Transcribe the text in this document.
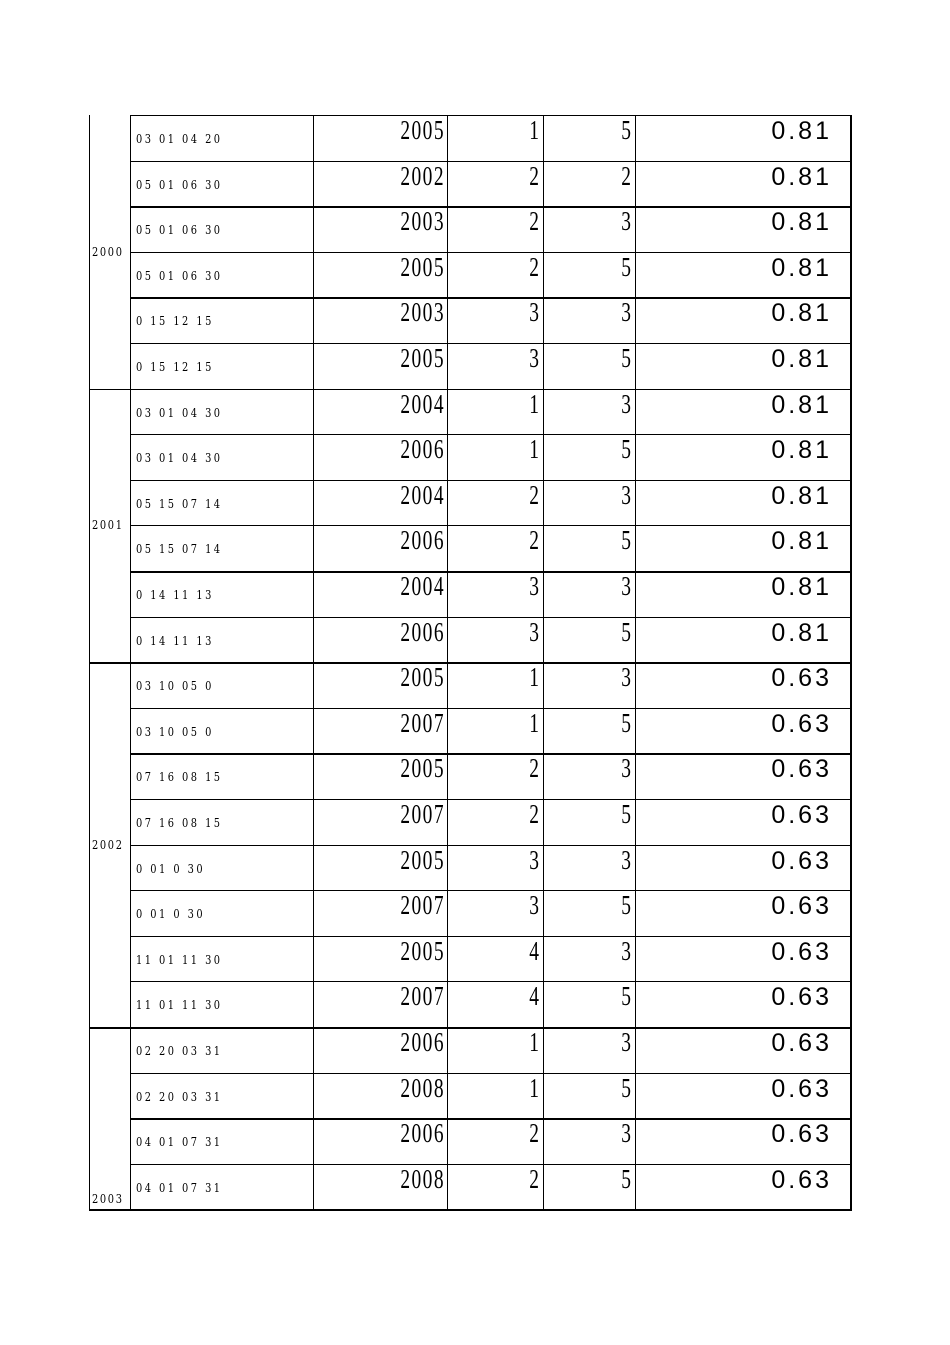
2000
03 01 04 20	2005	1	5	0.81
05 01 06 30	2002	2	2	0.81
05 01 06 30	2003	2	3	0.81
05 01 06 30	2005	2	5	0.81
0 15 12 15	2003	3	3	0.81
0 15 12 15	2005	3	5	0.81
2001
03 01 04 30	2004	1	3	0.81
03 01 04 30	2006	1	5	0.81
05 15 07 14	2004	2	3	0.81
05 15 07 14	2006	2	5	0.81
0 14 11 13	2004	3	3	0.81
0 14 11 13	2006	3	5	0.81
2002
03 10 05 0	2005	1	3	0.63
03 10 05 0	2007	1	5	0.63
07 16 08 15	2005	2	3	0.63
07 16 08 15	2007	2	5	0.63
0 01 0 30	2005	3	3	0.63
0 01 0 30	2007	3	5	0.63
11 01 11 30	2005	4	3	0.63
11 01 11 30	2007	4	5	0.63
2003
02 20 03 31	2006	1	3	0.63
02 20 03 31	2008	1	5	0.63
04 01 07 31	2006	2	3	0.63
04 01 07 31	2008	2	5	0.63
